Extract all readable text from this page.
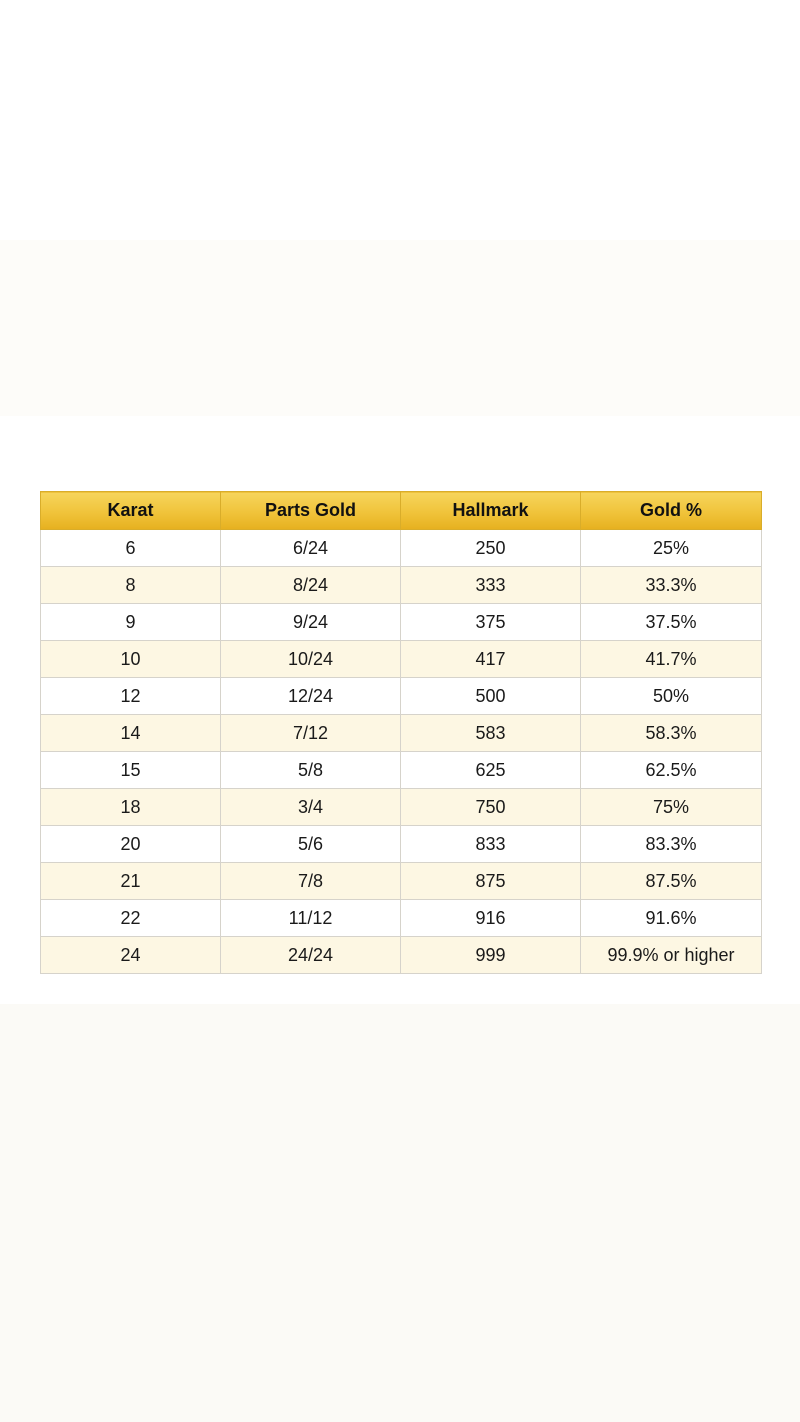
Karat	Parts Gold	Hallmark	Gold %
6	6/24	250	25%
8	8/24	333	33.3%
9	9/24	375	37.5%
10	10/24	417	41.7%
12	12/24	500	50%
14	7/12	583	58.3%
15	5/8	625	62.5%
18	3/4	750	75%
20	5/6	833	83.3%
21	7/8	875	87.5%
22	11/12	916	91.6%
24	24/24	999	99.9% or higher
